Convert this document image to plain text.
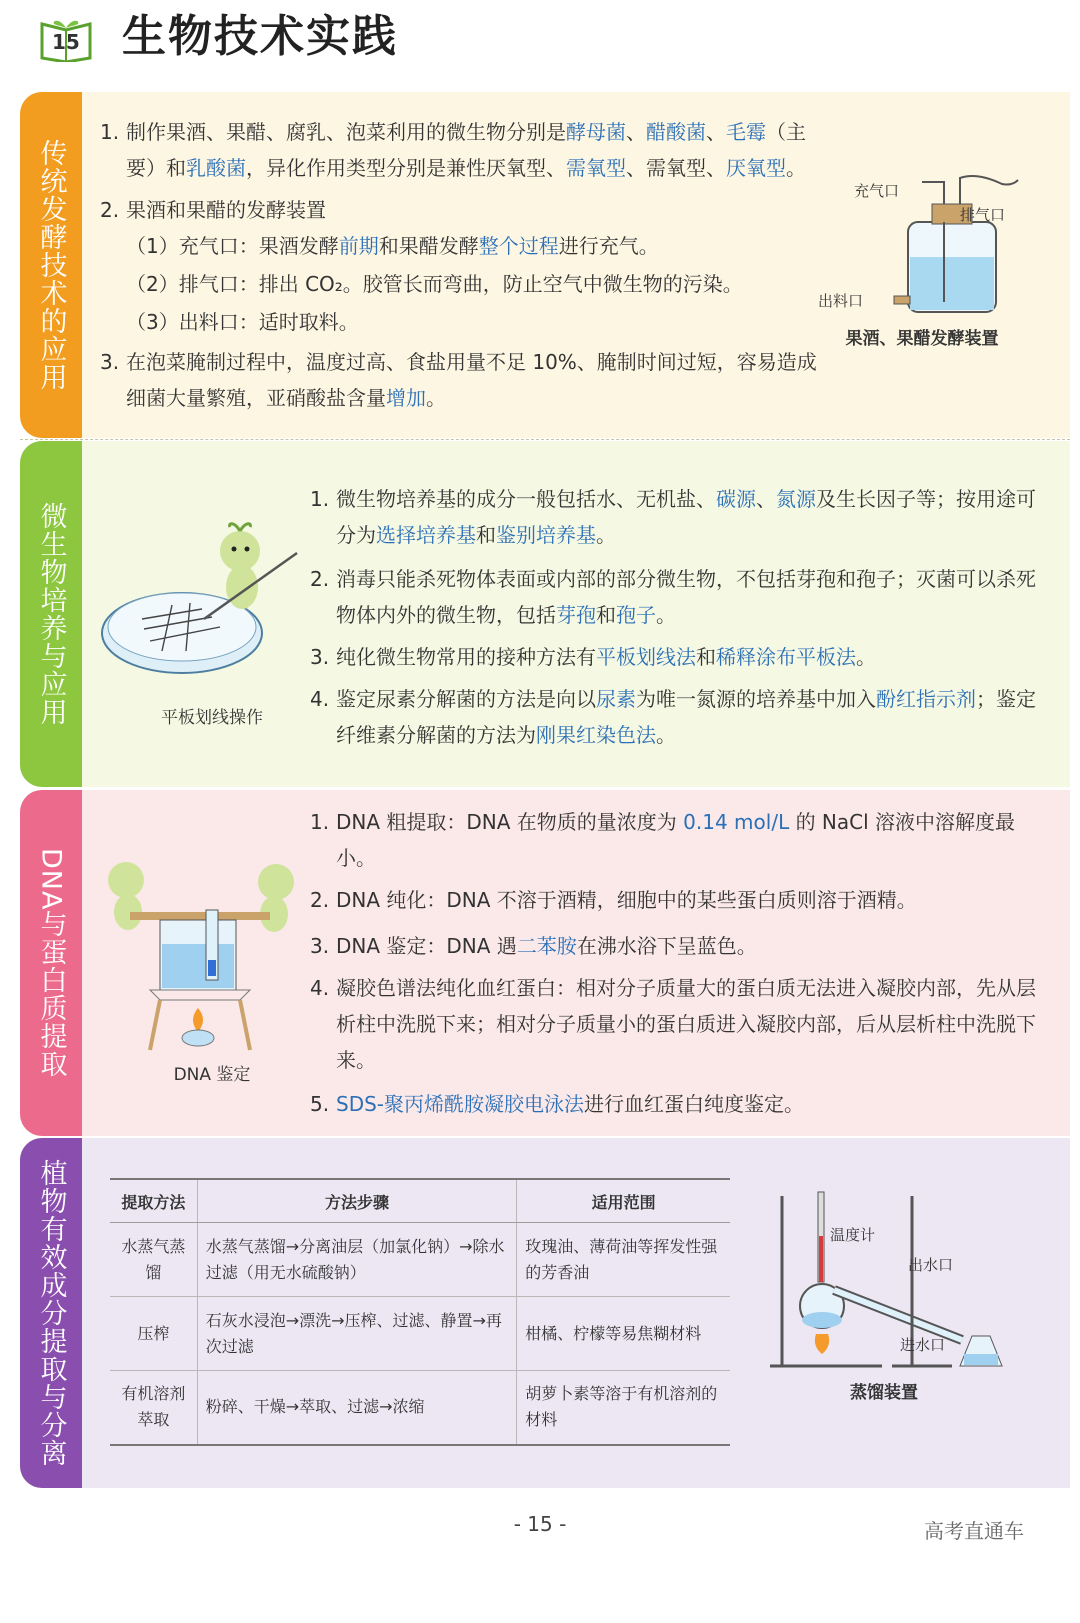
15 生物技术实践
传统发酵技术的应用
1. 制作果酒、果醋、腐乳、泡菜利用的微生物分别是酵母菌、醋酸菌、毛霉（主要）和乳酸菌，异化作用类型分别是兼性厌氧型、需氧型、需氧型、厌氧型。
2. 果酒和果醋的发酵装置
（1）充气口：果酒发酵前期和果醋发酵整个过程进行充气。
（2）排气口：排出 CO₂。胶管长而弯曲，防止空气中微生物的污染。
（3）出料口：适时取料。
3. 在泡菜腌制过程中，温度过高、食盐用量不足 10%、腌制时间过短，容易造成细菌大量繁殖，亚硝酸盐含量增加。
充气口
排气口
出料口
果酒、果醋发酵装置
微生物培养与应用	平板划线操作
1. 微生物培养基的成分一般包括水、无机盐、碳源、氮源及生长因子等；按用途可分为选择培养基和鉴别培养基。
2. 消毒只能杀死物体表面或内部的部分微生物，不包括芽孢和孢子；灭菌可以杀死物体内外的微生物，包括芽孢和孢子。
3. 纯化微生物常用的接种方法有平板划线法和稀释涂布平板法。
4. 鉴定尿素分解菌的方法是向以尿素为唯一氮源的培养基中加入酚红指示剂；鉴定纤维素分解菌的方法为刚果红染色法。
DNA与蛋白质提取	DNA 鉴定
1. DNA 粗提取：DNA 在物质的量浓度为 0.14 mol/L 的 NaCl 溶液中溶解度最小。
2. DNA 纯化：DNA 不溶于酒精，细胞中的某些蛋白质则溶于酒精。
3. DNA 鉴定：DNA 遇二苯胺在沸水浴下呈蓝色。
4. 凝胶色谱法纯化血红蛋白：相对分子质量大的蛋白质无法进入凝胶内部，先从层析柱中洗脱下来；相对分子质量小的蛋白质进入凝胶内部，后从层析柱中洗脱下来。
5. SDS-聚丙烯酰胺凝胶电泳法进行血红蛋白纯度鉴定。
植物有效成分提取与分离	提取方法	方法步骤	适用范围
水蒸气蒸馏	水蒸气蒸馏→分离油层（加氯化钠）→除水过滤（用无水硫酸钠）	玫瑰油、薄荷油等挥发性强的芳香油
压榨	石灰水浸泡→漂洗→压榨、过滤、静置→再次过滤	柑橘、柠檬等易焦糊材料
有机溶剂萃取	粉碎、干燥→萃取、过滤→浓缩	胡萝卜素等溶于有机溶剂的材料
温度计
出水口
进水口
蒸馏装置
- 15 -	高考直通车
